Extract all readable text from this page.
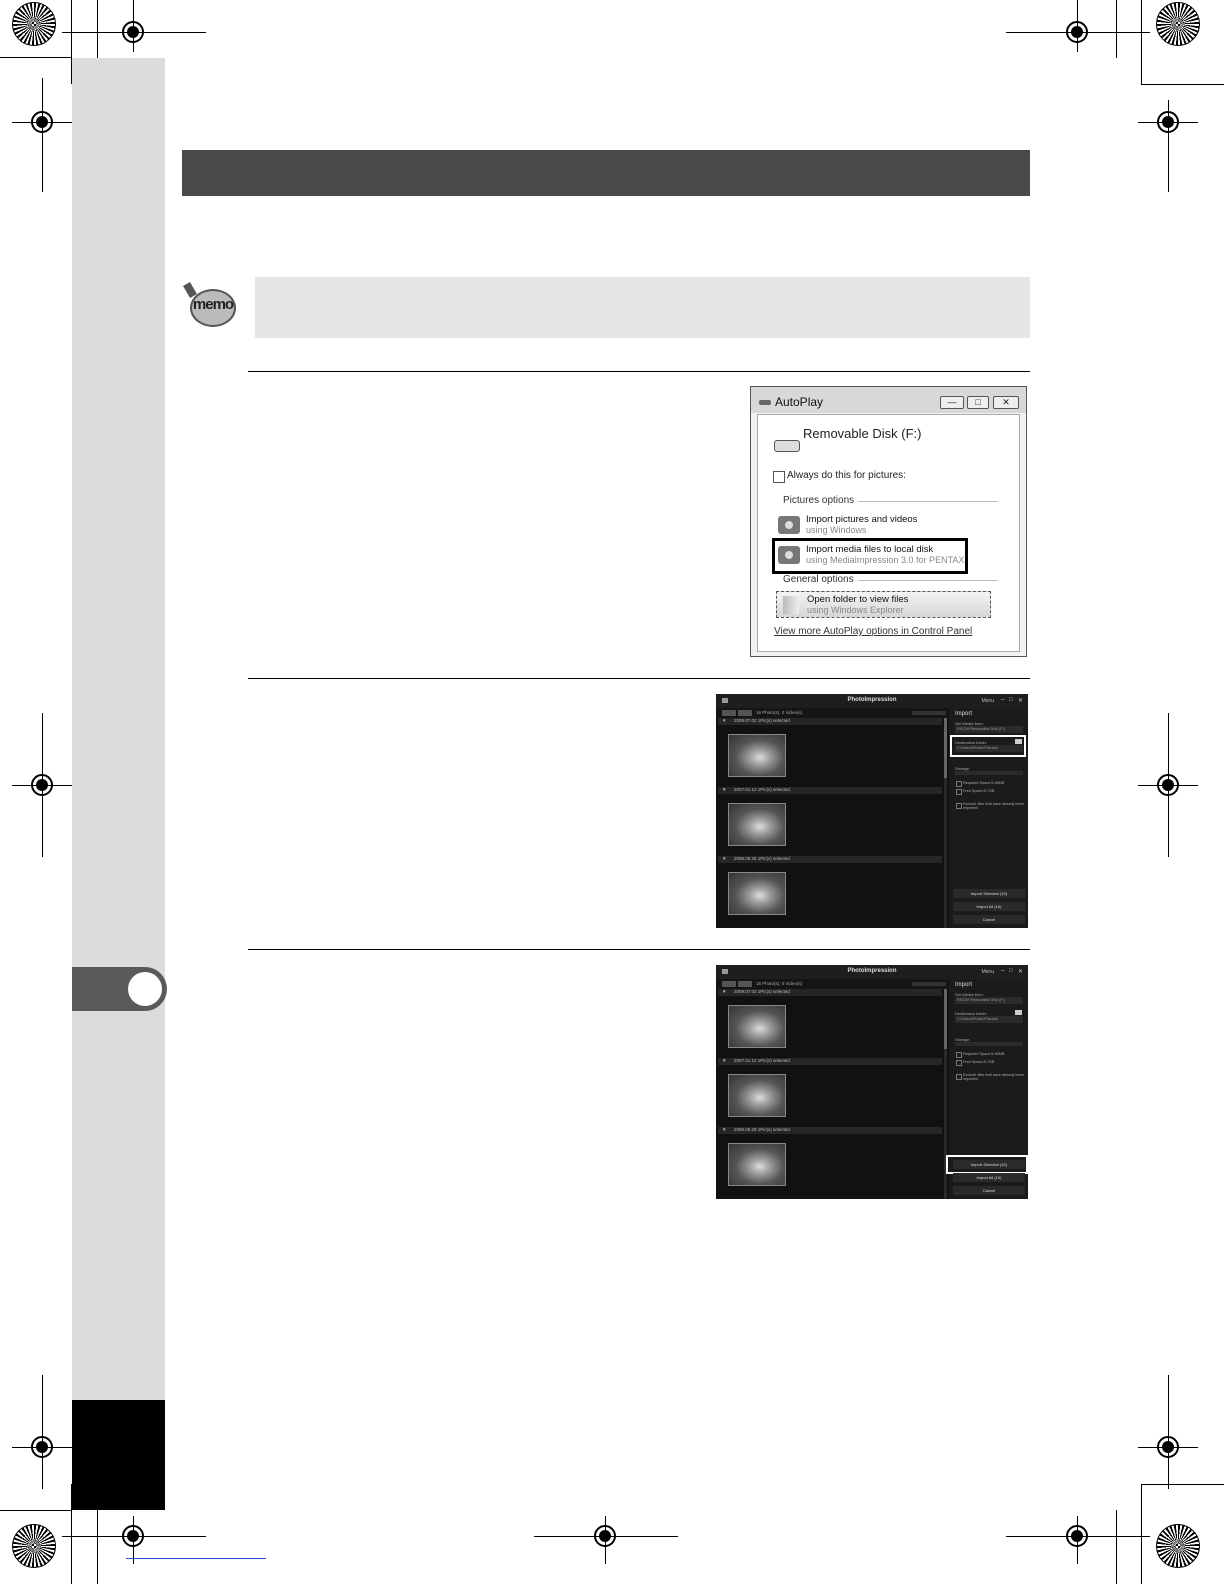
memo
AutoPlay	—	□	✕
Removable Disk (F:)
Always do this for pictures:
Pictures options
Import pictures and videos
using Windows
Import media files to local disk
using MediaImpression 3.0 for PENTAX
General options
Open folder to view files
using Windows Explorer
View more AutoPlay options in Control Panel
PhotoImpression	Menu – □ ✕
16 Photo(s), 0 Video(s)
▼ 2009.07.02 1Pic(s) selected
▼ 2007.01.12 1Pic(s) selected
▼ 2006.08.28 1Pic(s) selected
Import
Get Media from:
RICOH Removable Disk (F:)
Destination folder:
C:\Users\Public\Pictures
Storage:
Required Space:5.45MB
Free Space:8.7GB
Exclude files that have already been imported
Import Selected (10)
Import All (16)
Cancel
PhotoImpression	Menu – □ ✕
16 Photo(s), 0 Video(s)
▼ 2009.07.02 1Pic(s) selected
▼ 2007.01.12 1Pic(s) selected
▼ 2006.08.28 1Pic(s) selected
Import
Get Media from:
RICOH Removable Disk (F:)
Destination folder:
C:\Users\Public\Pictures
Storage:
Required Space:5.45MB
Free Space:8.7GB
Exclude files that have already been imported
Import Selected (10)
Import All (16)
Cancel
